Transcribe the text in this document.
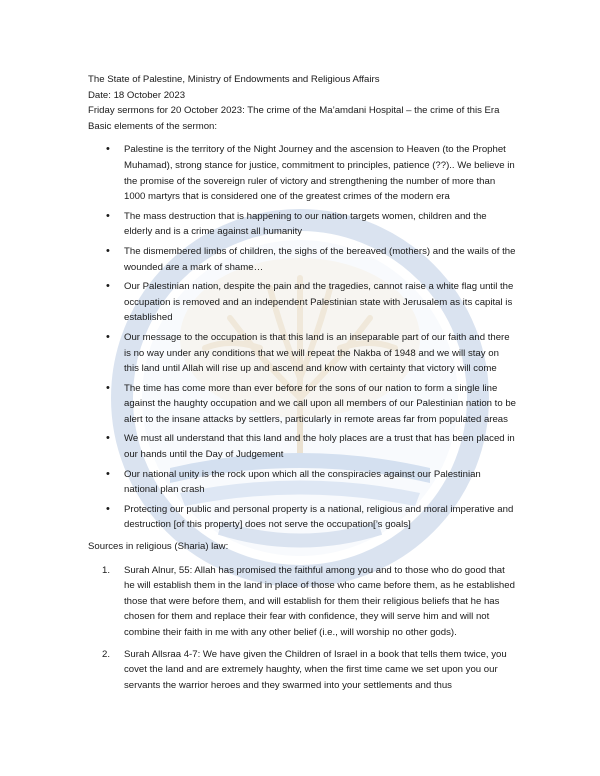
The State of Palestine, Ministry of Endowments and Religious Affairs

Date: 18 October 2023

Friday sermons for 20 October 2023: The crime of the Ma’amdani Hospital – the crime of this Era

Basic elements of the sermon:

• Palestine is the territory of the Night Journey and the ascension to Heaven (to the Prophet Muhamad), strong stance for justice, commitment to principles, patience (??).. We believe in the promise of the sovereign ruler of victory and strengthening the number of more than 1000 martyrs that is considered one of the greatest crimes of the modern era
• The mass destruction that is happening to our nation targets women, children and the elderly and is a crime against all humanity
• The dismembered limbs of children, the sighs of the bereaved (mothers) and the wails of the wounded are a mark of shame…
• Our Palestinian nation, despite the pain and the tragedies, cannot raise a white flag until the occupation is removed and an independent Palestinian state with Jerusalem as its capital is established
• Our message to the occupation is that this land is an inseparable part of our faith and there is no way under any conditions that we will repeat the Nakba of 1948 and we will stay on this land until Allah will rise up and ascend and know with certainty that victory will come
• The time has come more than ever before for the sons of our nation to form a single line against the haughty occupation and we call upon all members of our Palestinian nation to be alert to the insane attacks by settlers, particularly in remote areas far from populated areas
• We must all understand that this land and the holy places are a trust that has been placed in our hands until the Day of Judgement
• Our national unity is the rock upon which all the conspiracies against our Palestinian national plan crash
• Protecting our public and personal property is a national, religious and moral imperative and destruction [of this property] does not serve the occupation[’s goals]

Sources in religious (Sharia) law:

1. Surah Alnur, 55: Allah has promised the faithful among you and to those who do good that he will establish them in the land in place of those who came before them, as he established those that were before them, and will establish for them their religious beliefs that he has chosen for them and replace their fear with confidence, they will serve him and will not combine their faith in me with any other belief (i.e., will worship no other gods).
2. Surah Allsraa 4-7: We have given the Children of Israel in a book that tells them twice, you covet the land and are extremely haughty, when the first time came we set upon you our servants the warrior heroes and they swarmed into your settlements and thus
